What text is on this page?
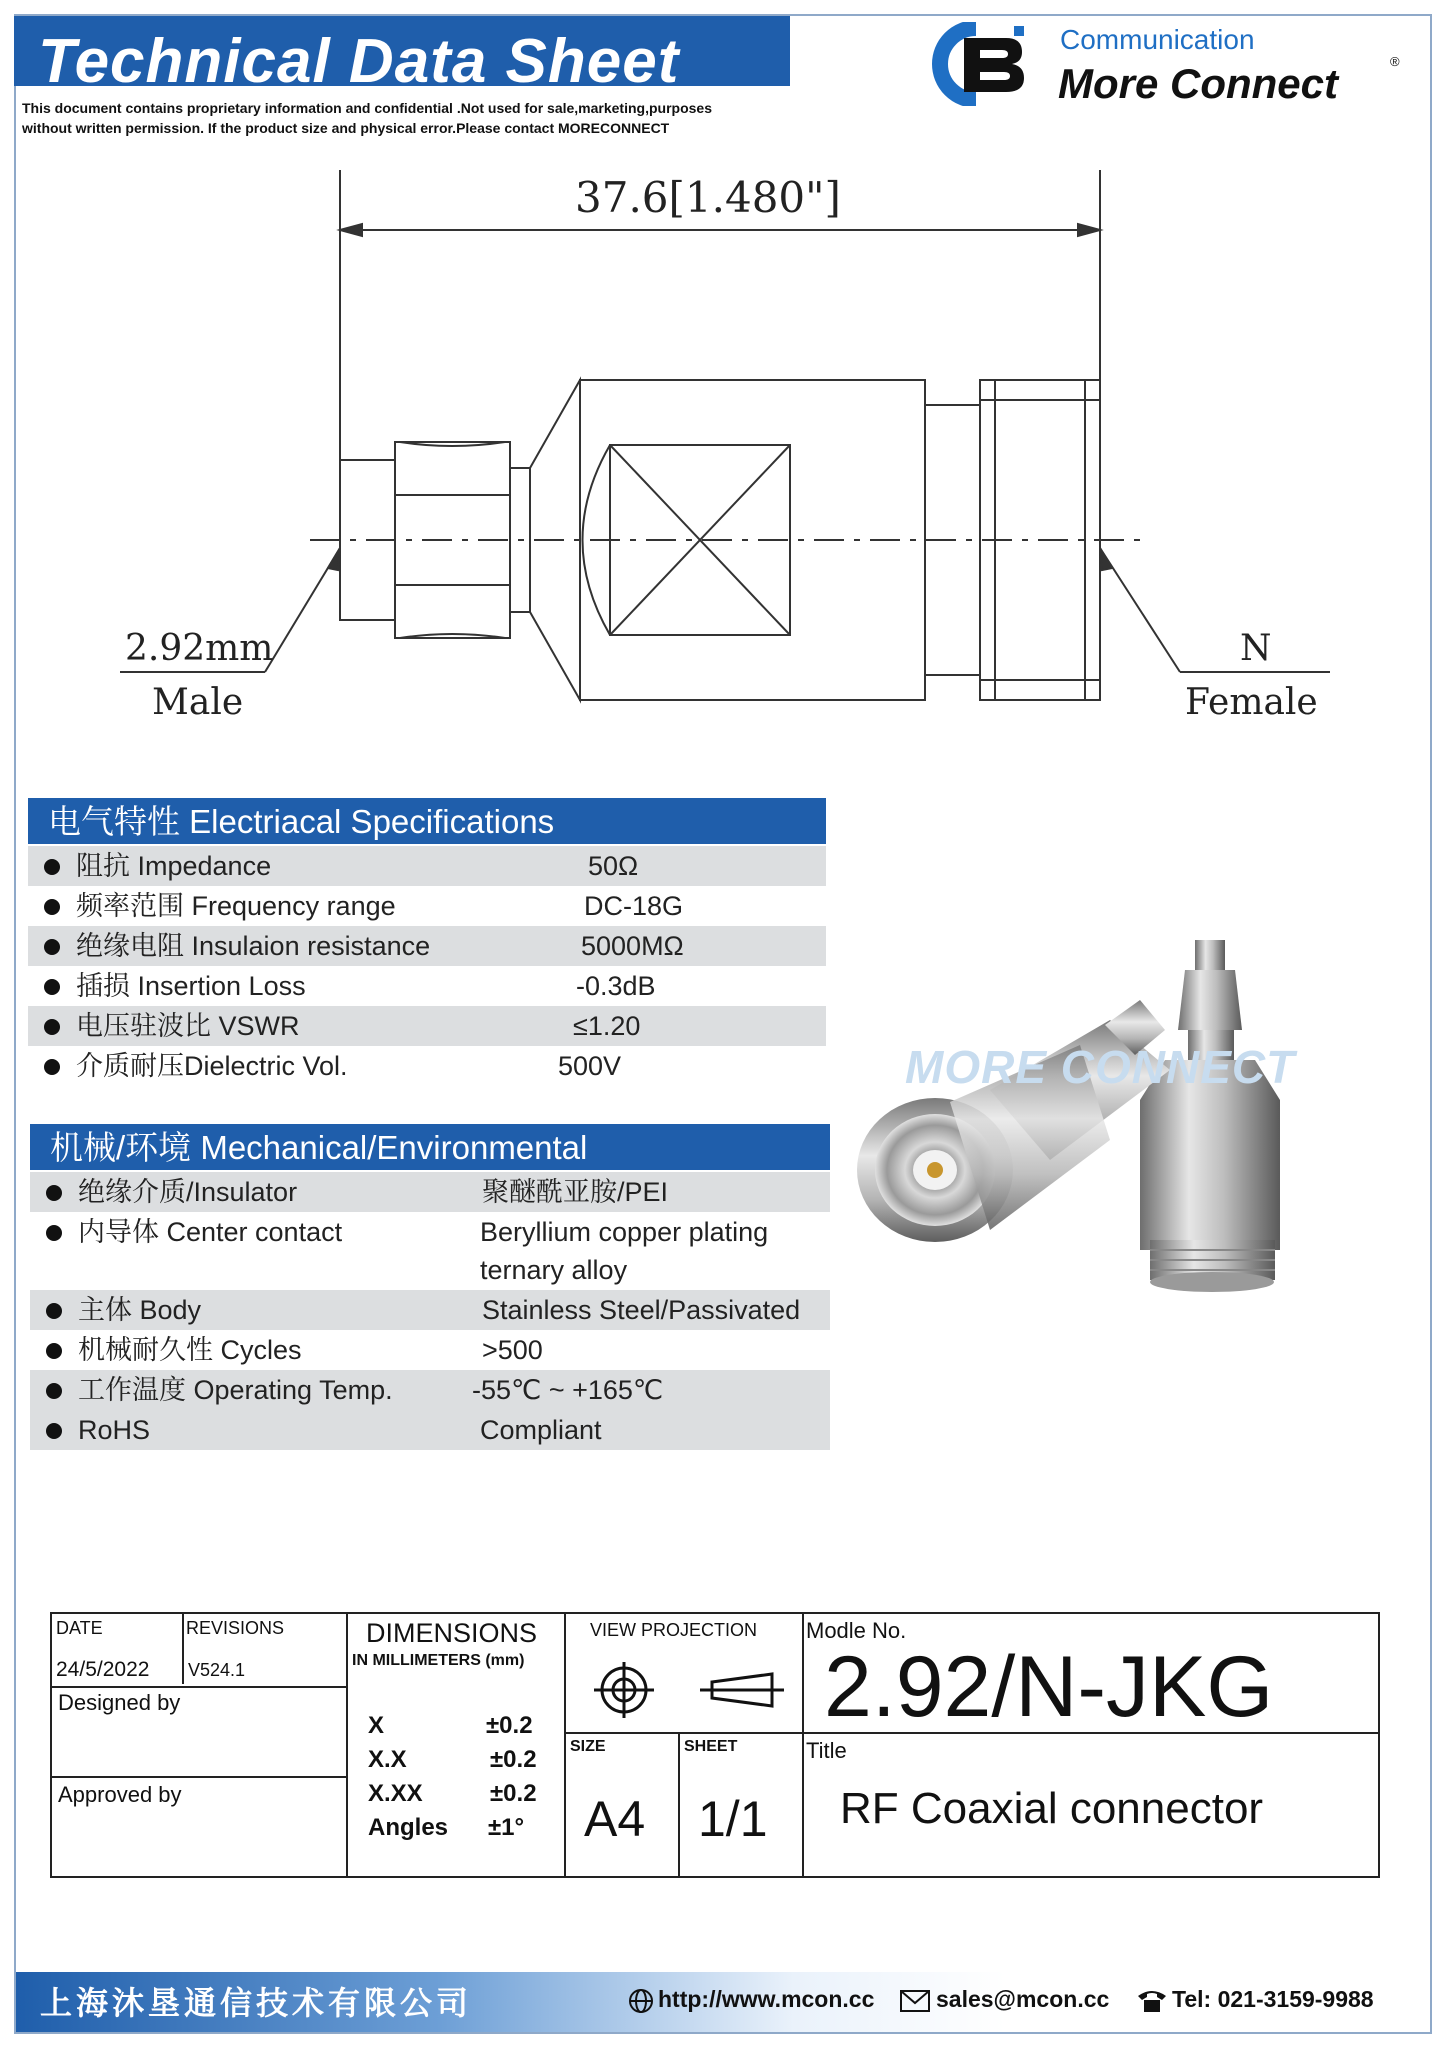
Technical Data Sheet
This document contains proprietary information and confidential .Not used for sale,marketing,purposes
without written permission. If the product size and physical error.Please contact MORECONNECT
Communication
More Connect	®
37.6[1.480"]
2.92mm
Male
N
Female
电气特性 Electriacal Specifications
阻抗 Impedance	50Ω
频率范围 Frequency range	DC-18G
绝缘电阻 Insulaion resistance	5000MΩ
插损 Insertion Loss	-0.3dB
电压驻波比 VSWR	≤1.20
介质耐压Dielectric Vol.	500V
机械/环境 Mechanical/Environmental
绝缘介质/Insulator	聚醚酰亚胺/PEI
内导体 Center contact	Beryllium copper plating ternary alloy
主体 Body	Stainless Steel/Passivated
机械耐久性 Cycles	>500
工作温度 Operating Temp.	-55℃ ~ +165℃
RoHS	Compliant
MORE CONNECT
DATE	REVISIONS
24/5/2022 V524.1
Designed by
Approved by
DIMENSIONS
IN MILLIMETERS (mm)
X	±0.2
X.X	±0.2
X.XX	±0.2
Angles ±1°
VIEW PROJECTION
SIZE
A4
SHEET
1/1
Modle No.
2.92/N-JKG
Title
RF Coaxial connector
上海沐垦通信技术有限公司	http://www.mcon.cc	sales@mcon.cc	Tel: 021-3159-9988
